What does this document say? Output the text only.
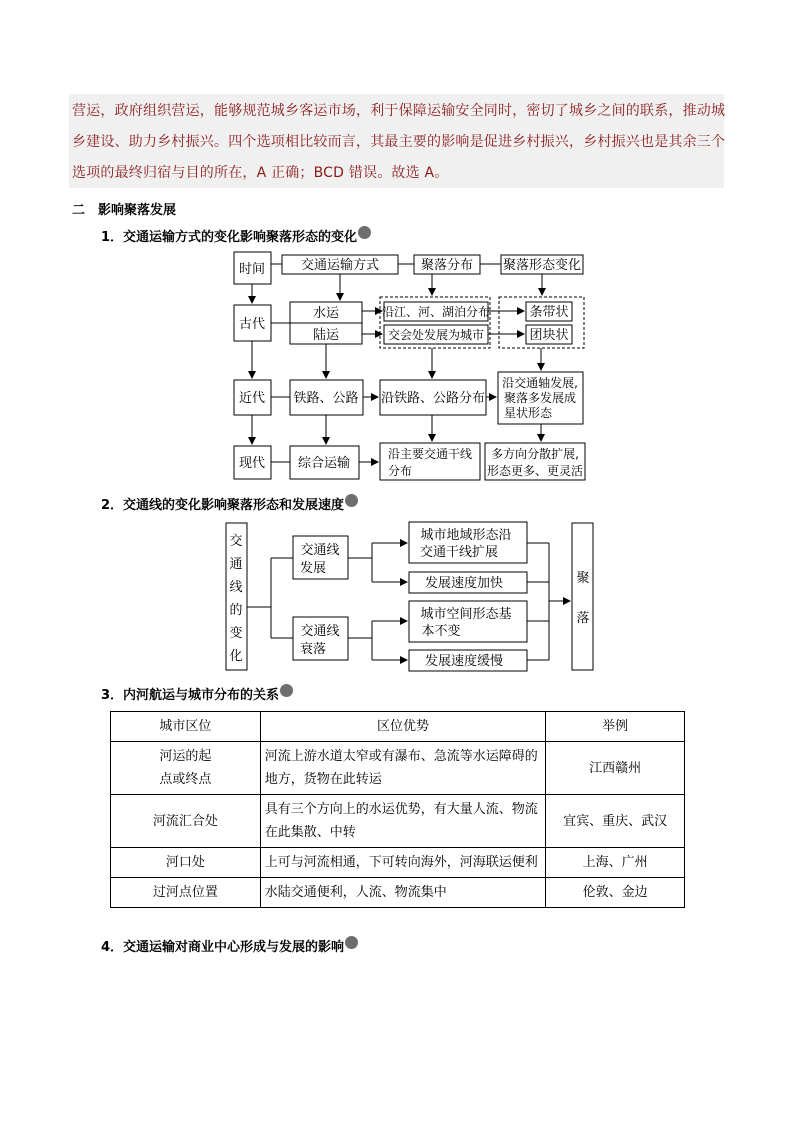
营运，政府组织营运，能够规范城乡客运市场，利于保障运输安全同时，密切了城乡之间的联系，推动城
乡建设、助力乡村振兴。四个选项相比较而言，其最主要的影响是促进乡村振兴，乡村振兴也是其余三个
选项的最终归宿与目的所在，A 正确；BCD 错误。故选 A。
二　影响聚落发展
1．交通运输方式的变化影响聚落形态的变化
时间	交通运输方式	聚落分布 聚落形态变化
古代
近代
现代
水运
陆运
沿江、河、湖泊分布
交会处发展为城市
条带状
团块状
铁路、公路 沿铁路、公路分布
沿交通轴发展,
聚落多发展成
星状形态
综合运输
沿主要交通干线
分布
多方向分散扩展,
形态更多、更灵活
交
通
线
的
变
化
交通线
发展
交通线
衰落
城市地域形态沿
交通干线扩展
发展速度加快
城市空间形态基
本不变
发展速度缓慢
聚
落
2．交通线的变化影响聚落形态和发展速度
3．内河航运与城市分布的关系
城市区位	区位优势	举例

河运的起
点或终点	河流上游水道太窄或有瀑布、急流等水运障碍的地方，货物在此转运	江西赣州
河流汇合处	具有三个方向上的水运优势，有大量人流、物流在此集散、中转	宜宾、重庆、武汉
河口处	上可与河流相通，下可转向海外，河海联运便利	上海、广州
过河点位置	水陆交通便利，人流、物流集中	伦敦、金边
4．交通运输对商业中心形成与发展的影响
